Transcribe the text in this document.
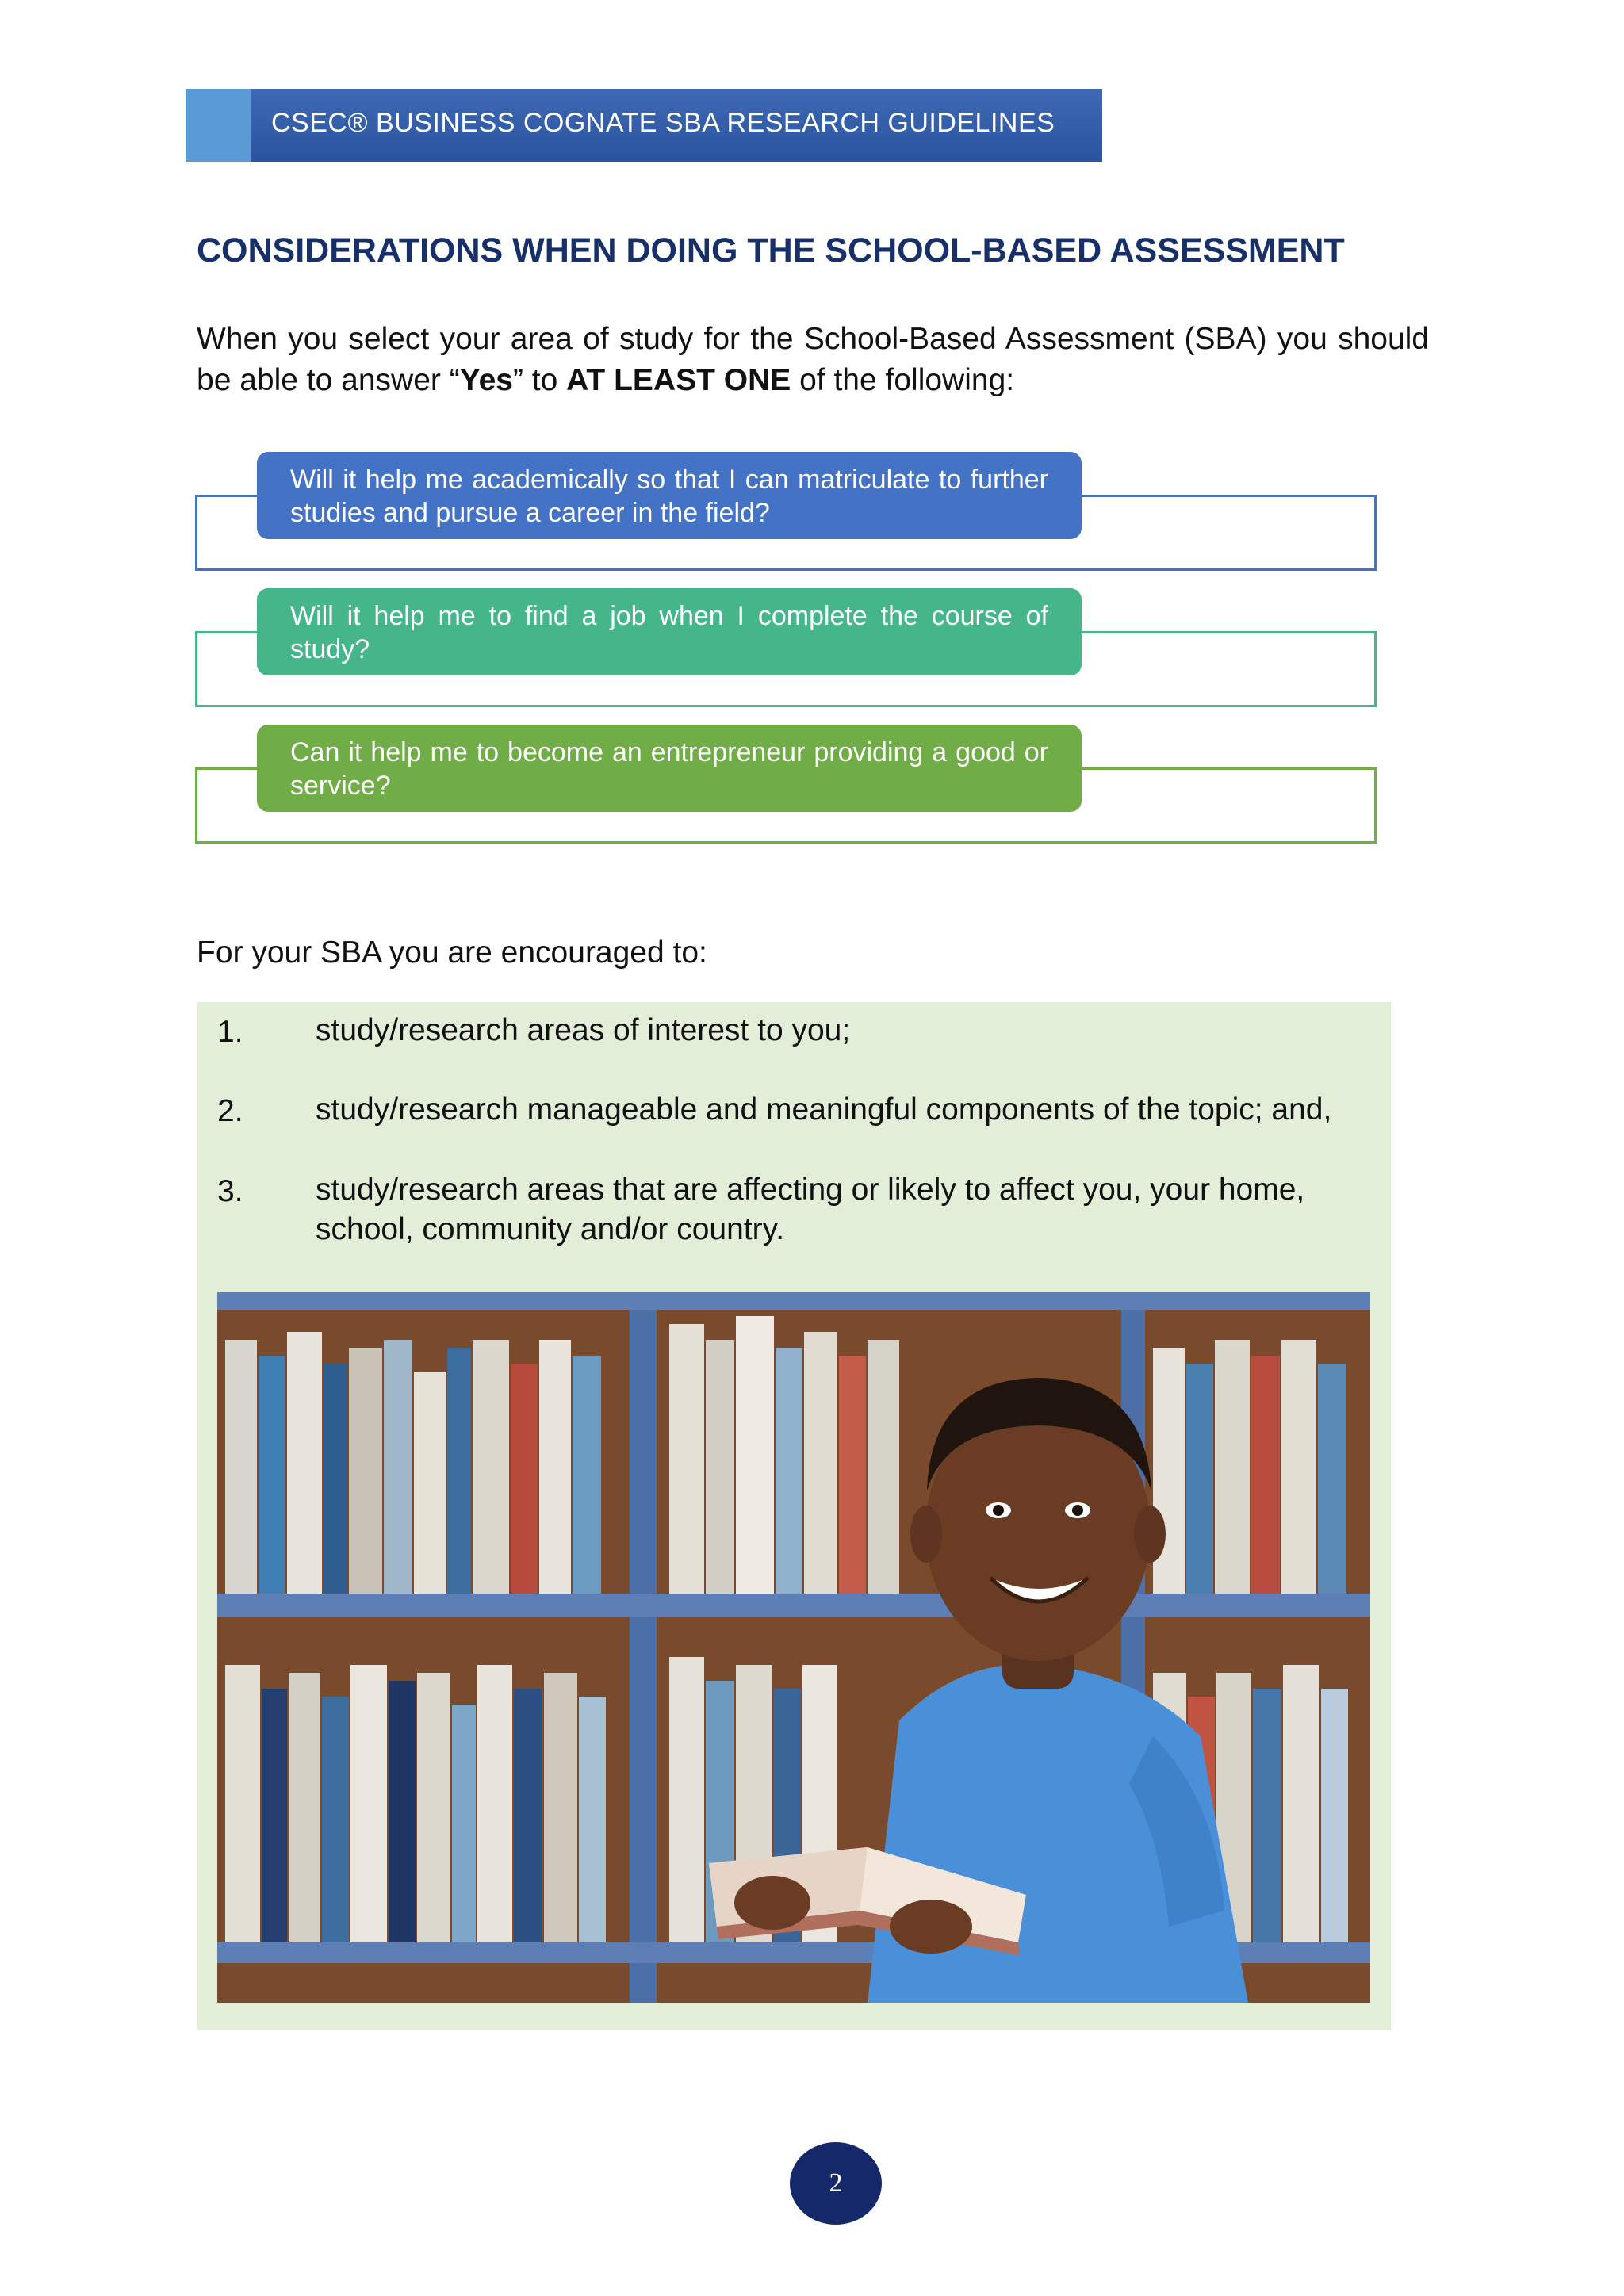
CSEC® BUSINESS COGNATE SBA RESEARCH GUIDELINES
CONSIDERATIONS WHEN DOING THE SCHOOL-BASED ASSESSMENT
When you select your area of study for the School-Based Assessment (SBA) you should be able to answer “Yes” to AT LEAST ONE of the following:
Will it help me academically so that I can matriculate to further studies and pursue a career in the field?
Will it help me to find a job when I complete the course of study?
Can it help me to become an entrepreneur providing a good or service?
For your SBA you are encouraged to:
1. study/research areas of interest to you;
2. study/research manageable and meaningful components of the topic; and,
3. study/research areas that are affecting or likely to affect you, your home, school, community and/or country.
2
